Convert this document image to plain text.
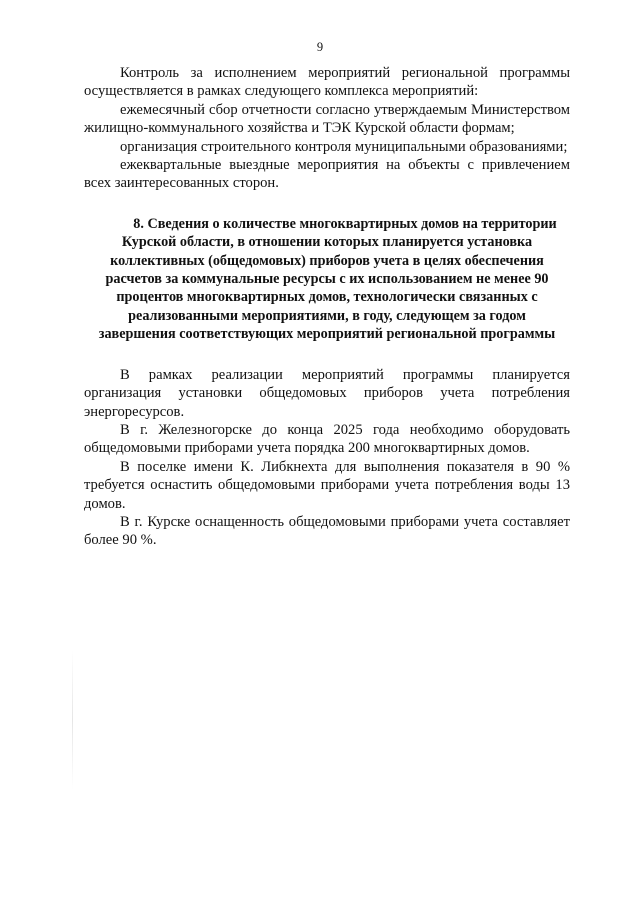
9

Контроль за исполнением мероприятий региональной программы осуществляется в рамках следующего комплекса мероприятий:

ежемесячный сбор отчетности согласно утверждаемым Министерством жилищно-коммунального хозяйства и ТЭК Курской области формам;

организация строительного контроля муниципальными образованиями;

ежеквартальные выездные мероприятия на объекты с привлечением всех заинтересованных сторон.

8. Сведения о количестве многоквартирных домов на территории Курской области, в отношении которых планируется установка коллективных (общедомовых) приборов учета в целях обеспечения расчетов за коммунальные ресурсы с их использованием не менее 90 процентов многоквартирных домов, технологически связанных с реализованными мероприятиями, в году, следующем за годом завершения соответствующих мероприятий региональной программы

В рамках реализации мероприятий программы планируется организация установки общедомовых приборов учета потребления энергоресурсов.

В г. Железногорске до конца 2025 года необходимо оборудовать общедомовыми приборами учета порядка 200 многоквартирных домов.

В поселке имени К. Либкнехта для выполнения показателя в 90 % требуется оснастить общедомовыми приборами учета потребления воды 13 домов.

В г. Курске оснащенность общедомовыми приборами учета составляет более 90 %.
